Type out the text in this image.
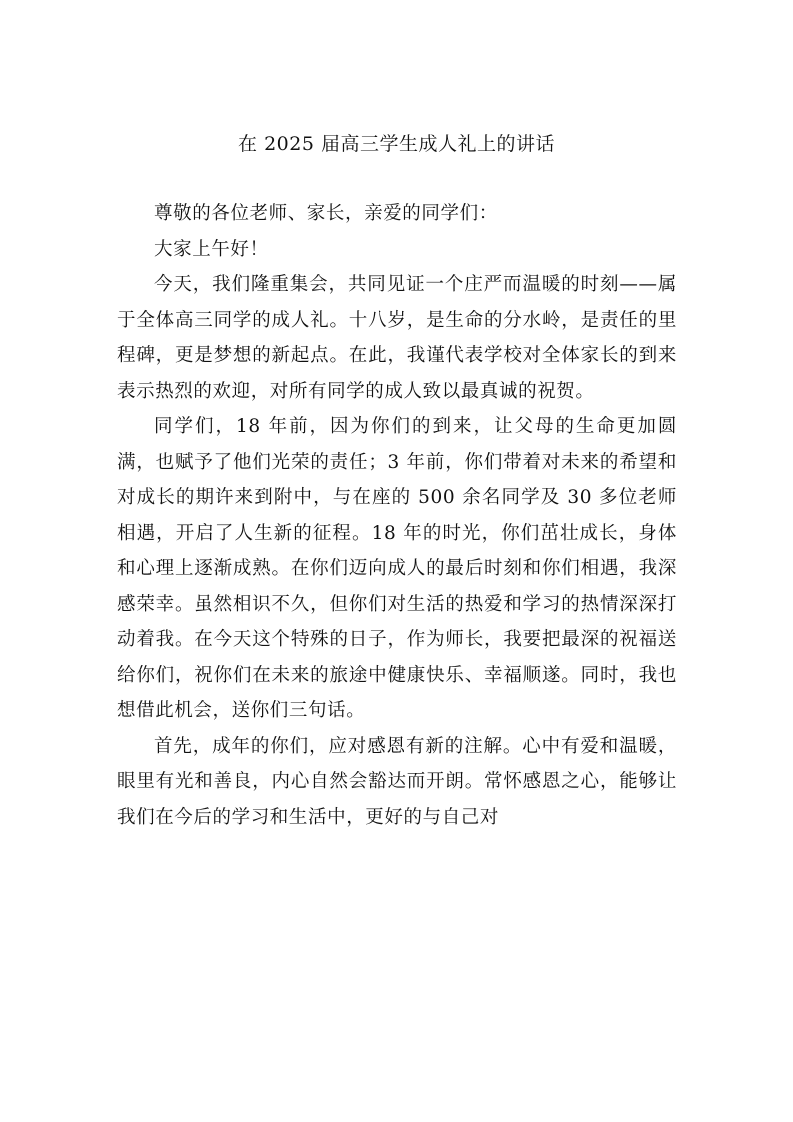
在 2025 届高三学生成人礼上的讲话

尊敬的各位老师、家长，亲爱的同学们：

大家上午好！

今天，我们隆重集会，共同见证一个庄严而温暖的时刻——属于全体高三同学的成人礼。十八岁，是生命的分水岭，是责任的里程碑，更是梦想的新起点。在此，我谨代表学校对全体家长的到来表示热烈的欢迎，对所有同学的成人致以最真诚的祝贺。

同学们，18 年前，因为你们的到来，让父母的生命更加圆满，也赋予了他们光荣的责任；3 年前，你们带着对未来的希望和对成长的期许来到附中，与在座的 500 余名同学及 30 多位老师相遇，开启了人生新的征程。18 年的时光，你们茁壮成长，身体和心理上逐渐成熟。在你们迈向成人的最后时刻和你们相遇，我深感荣幸。虽然相识不久，但你们对生活的热爱和学习的热情深深打动着我。在今天这个特殊的日子，作为师长，我要把最深的祝福送给你们，祝你们在未来的旅途中健康快乐、幸福顺遂。同时，我也想借此机会，送你们三句话。

首先，成年的你们，应对感恩有新的注解。心中有爱和温暖，眼里有光和善良，内心自然会豁达而开朗。常怀感恩之心，能够让我们在今后的学习和生活中，更好的与自己对
